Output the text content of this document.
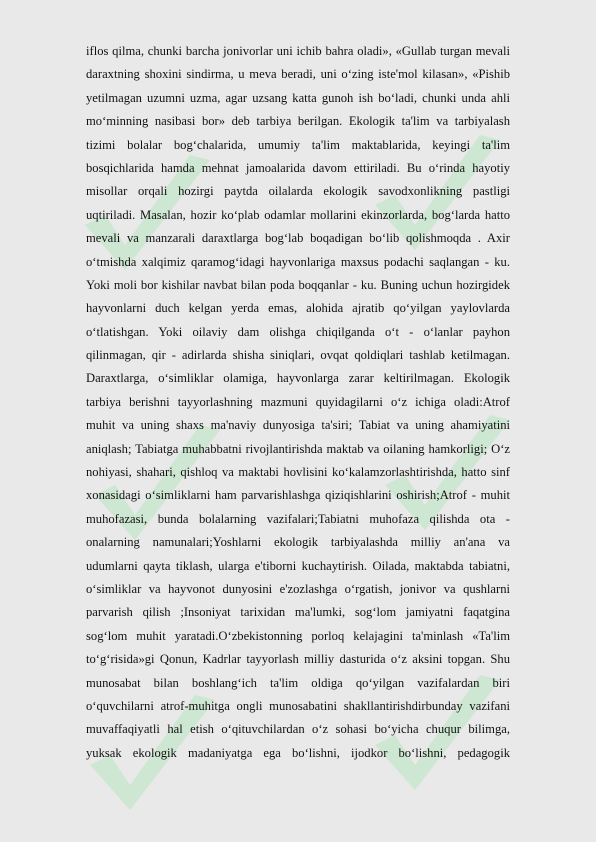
iflos qilma, chunki barcha jonivorlar uni ichib bahra oladi», «Gullab turgan mevali
daraxtning shoxini sindirma, u meva beradi, uni o‘zing iste'mol kilasan», «Pishib
yetilmagan uzumni uzma, agar uzsang katta gunoh ish bo‘ladi, chunki unda ahli
mo‘minning nasibasi bor» deb tarbiya berilgan. Ekologik ta'lim va tarbiyalash
tizimi bolalar bog‘chalarida, umumiy ta'lim maktablarida, keyingi ta'lim
bosqichlarida hamda mehnat jamoalarida davom ettiriladi. Bu o‘rinda hayotiy
misollar orqali hozirgi paytda oilalarda ekologik savodxonlikning pastligi
uqtiriladi. Masalan, hozir ko‘plab odamlar mollarini ekinzorlarda, bog‘larda hatto
mevali va manzarali daraxtlarga bog‘lab boqadigan bo‘lib qolishmoqda . Axir
o‘tmishda xalqimiz qaramog‘idagi hayvonlariga maxsus podachi saqlangan - ku.
Yoki moli bor kishilar navbat bilan poda boqqanlar - ku. Buning uchun hozirgidek
hayvonlarni duch kelgan yerda emas, alohida ajratib qo‘yilgan yaylovlarda
o‘tlatishgan. Yoki oilaviy dam olishga chiqilganda o‘t - o‘lanlar payhon
qilinmagan, qir - adirlarda shisha siniqlari, ovqat qoldiqlari tashlab ketilmagan.
Daraxtlarga, o‘simliklar olamiga, hayvonlarga zarar keltirilmagan. Ekologik
tarbiya berishni tayyorlashning mazmuni quyidagilarni o‘z ichiga oladi:Atrof
muhit va uning shaxs ma'naviy dunyosiga ta'siri; Tabiat va uning ahamiyatini
aniqlash; Tabiatga muhabbatni rivojlantirishda maktab va oilaning hamkorligi; O‘z
nohiyasi, shahari, qishloq va maktabi hovlisini ko‘kalamzorlashtirishda, hatto sinf
xonasidagi o‘simliklarni ham parvarishlashga qiziqishlarini oshirish;Atrof - muhit
muhofazasi, bunda bolalarning vazifalari;Tabiatni muhofaza qilishda ota -
onalarning namunalari;Yoshlarni ekologik tarbiyalashda milliy an'ana va
udumlarni qayta tiklash, ularga e'tiborni kuchaytirish. Oilada, maktabda tabiatni,
o‘simliklar va hayvonot dunyosini e'zozlashga o‘rgatish, jonivor va qushlarni
parvarish qilish ;Insoniyat tarixidan ma'lumki, sog‘lom jamiyatni faqatgina
sog‘lom muhit yaratadi.O‘zbekistonning porloq kelajagini ta'minlash «Ta'lim
to‘g‘risida»gi Qonun, Kadrlar tayyorlash milliy dasturida o‘z aksini topgan. Shu
munosabat bilan boshlang‘ich ta'lim oldiga qo‘yilgan vazifalardan biri
o‘quvchilarni atrof-muhitga ongli munosabatini shakllantirishdirbunday vazifani
muvaffaqiyatli hal etish o‘qituvchilardan o‘z sohasi bo‘yicha chuqur bilimga,
yuksak ekologik madaniyatga ega bo‘lishni, ijodkor bo‘lishni, pedagogik
